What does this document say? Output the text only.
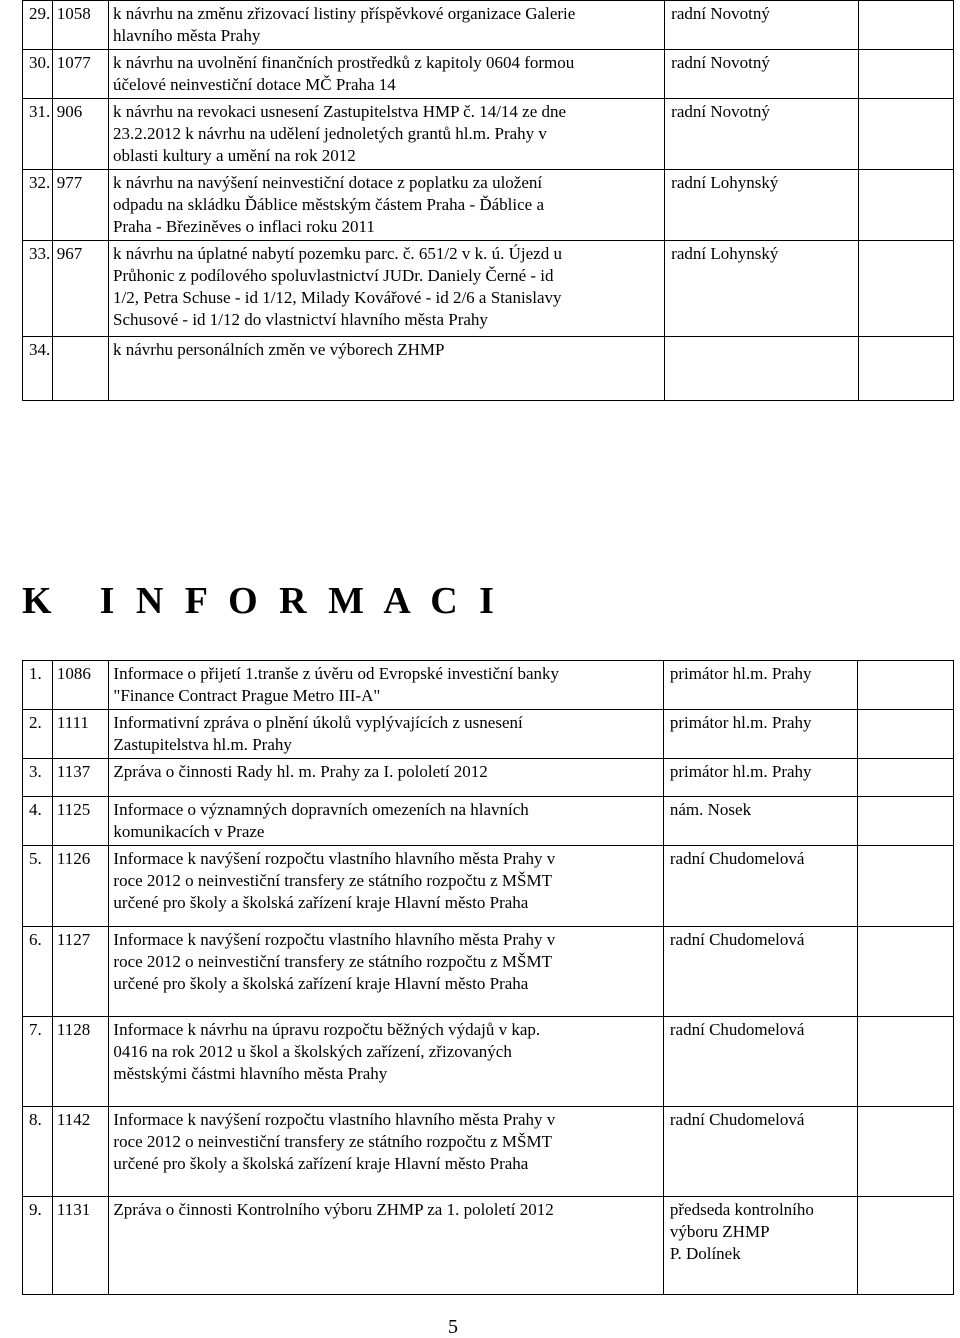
29.	1058	k návrhu na změnu zřizovací listiny příspěvkové organizace Galerie
hlavního města Prahy	radní Novotný	
30.	1077	k návrhu na uvolnění finančních prostředků z kapitoly 0604 formou
účelové neinvestiční dotace MČ Praha 14	radní Novotný	
31.	906	k návrhu na revokaci usnesení Zastupitelstva HMP č. 14/14 ze dne
23.2.2012 k návrhu na udělení jednoletých grantů hl.m. Prahy v
oblasti kultury a umění na rok 2012	radní Novotný	
32.	977	k návrhu na navýšení neinvestiční dotace z poplatku za uložení
odpadu na skládku Ďáblice městským částem Praha - Ďáblice a
Praha - Březiněves o inflaci roku 2011	radní Lohynský	
33.	967	k návrhu na úplatné nabytí pozemku parc. č. 651/2 v k. ú. Újezd u
Průhonic z podílového spoluvlastnictví JUDr. Daniely Černé - id
1/2, Petra Schuse - id 1/12, Milady Kovářové - id 2/6 a Stanislavy
Schusové - id 1/12 do vlastnictví hlavního města Prahy	radní Lohynský	
34.		k návrhu personálních změn ve výborech ZHMP		

K I N F O R M A C I
1.	1086	Informace o přijetí 1.tranše z úvěru od Evropské investiční banky
"Finance Contract Prague Metro III-A"	primátor hl.m. Prahy	

2.	1111	Informativní zpráva o plnění úkolů vyplývajících z usnesení
Zastupitelstva hl.m. Prahy	primátor hl.m. Prahy	

3.	1137	Zpráva o činnosti Rady hl. m. Prahy za I. pololetí 2012	primátor hl.m. Prahy	

4.	1125	Informace o významných dopravních omezeních na hlavních
komunikacích v Praze	nám. Nosek	

5.	1126	Informace k navýšení rozpočtu vlastního hlavního města Prahy v
roce 2012 o neinvestiční transfery ze státního rozpočtu z MŠMT
určené pro školy a školská zařízení kraje Hlavní město Praha	radní Chudomelová	

6.	1127	Informace k navýšení rozpočtu vlastního hlavního města Prahy v
roce 2012 o neinvestiční transfery ze státního rozpočtu z MŠMT
určené pro školy a školská zařízení kraje Hlavní město Praha	radní Chudomelová	

7.	1128	Informace k návrhu na úpravu rozpočtu běžných výdajů v kap.
0416 na rok 2012 u škol a školských zařízení, zřizovaných
městskými částmi hlavního města Prahy	radní Chudomelová	

8.	1142	Informace k navýšení rozpočtu vlastního hlavního města Prahy v
roce 2012 o neinvestiční transfery ze státního rozpočtu z MŠMT
určené pro školy a školská zařízení kraje Hlavní město Praha	radní Chudomelová	

9.	1131	Zpráva o činnosti Kontrolního výboru ZHMP za 1. pololetí 2012	předseda kontrolního
výboru ZHMP
P. Dolínek	

5
